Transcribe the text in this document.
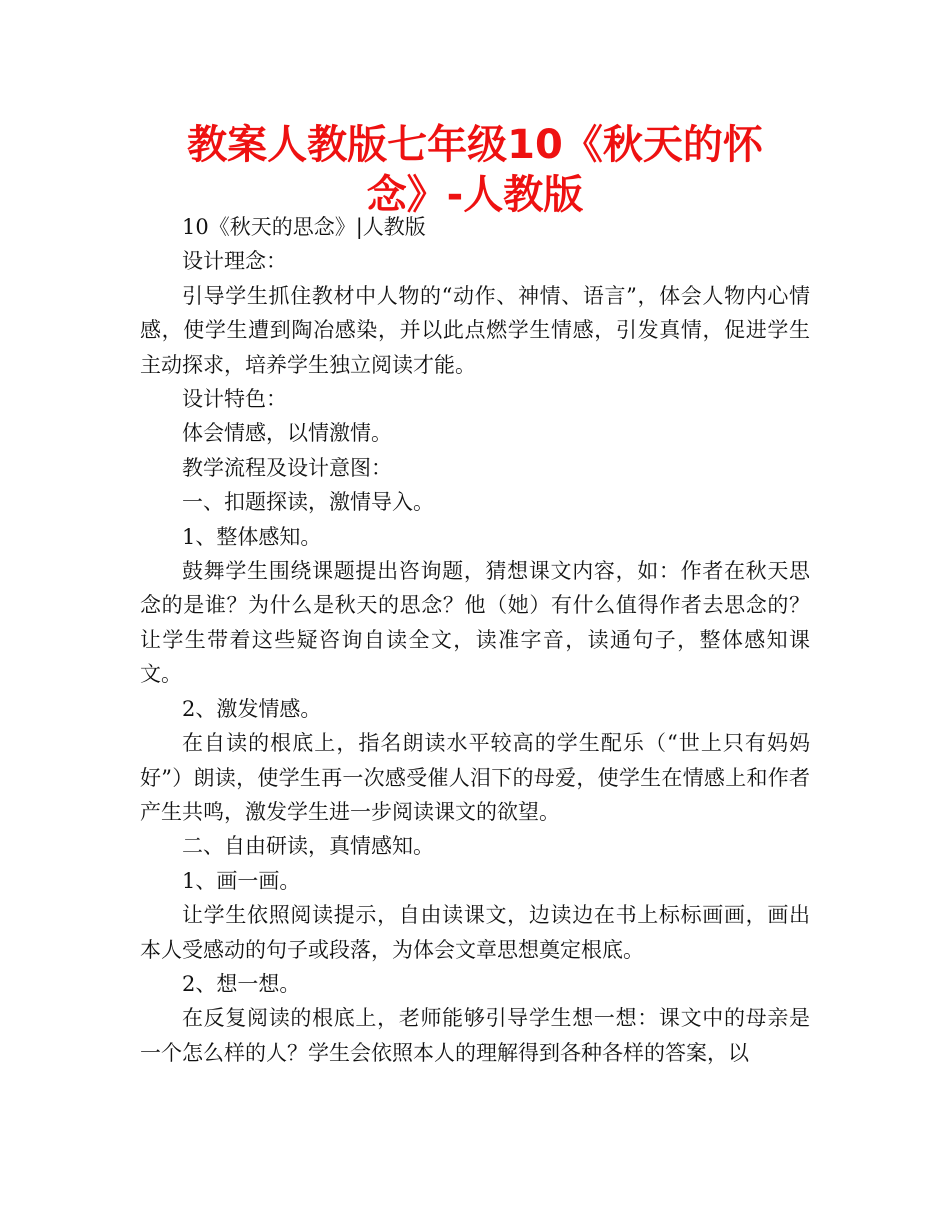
教案人教版七年级10《秋天的怀念》-人教版

10《秋天的思念》|人教版

设计理念：

引导学生抓住教材中人物的“动作、神情、语言”，体会人物内心情感，使学生遭到陶冶感染，并以此点燃学生情感，引发真情，促进学生主动探求，培养学生独立阅读才能。

设计特色：

体会情感，以情激情。

教学流程及设计意图：

一、扣题探读，激情导入。

1、整体感知。

鼓舞学生围绕课题提出咨询题，猜想课文内容，如：作者在秋天思念的是谁？为什么是秋天的思念？他（她）有什么值得作者去思念的？让学生带着这些疑咨询自读全文，读准字音，读通句子，整体感知课文。

2、激发情感。

在自读的根底上，指名朗读水平较高的学生配乐（“世上只有妈妈好”）朗读，使学生再一次感受催人泪下的母爱，使学生在情感上和作者产生共鸣，激发学生进一步阅读课文的欲望。

二、自由研读，真情感知。

1、画一画。

让学生依照阅读提示，自由读课文，边读边在书上标标画画，画出本人受感动的句子或段落，为体会文章思想奠定根底。

2、想一想。

在反复阅读的根底上，老师能够引导学生想一想：课文中的母亲是一个怎么样的人？学生会依照本人的理解得到各种各样的答案，以
